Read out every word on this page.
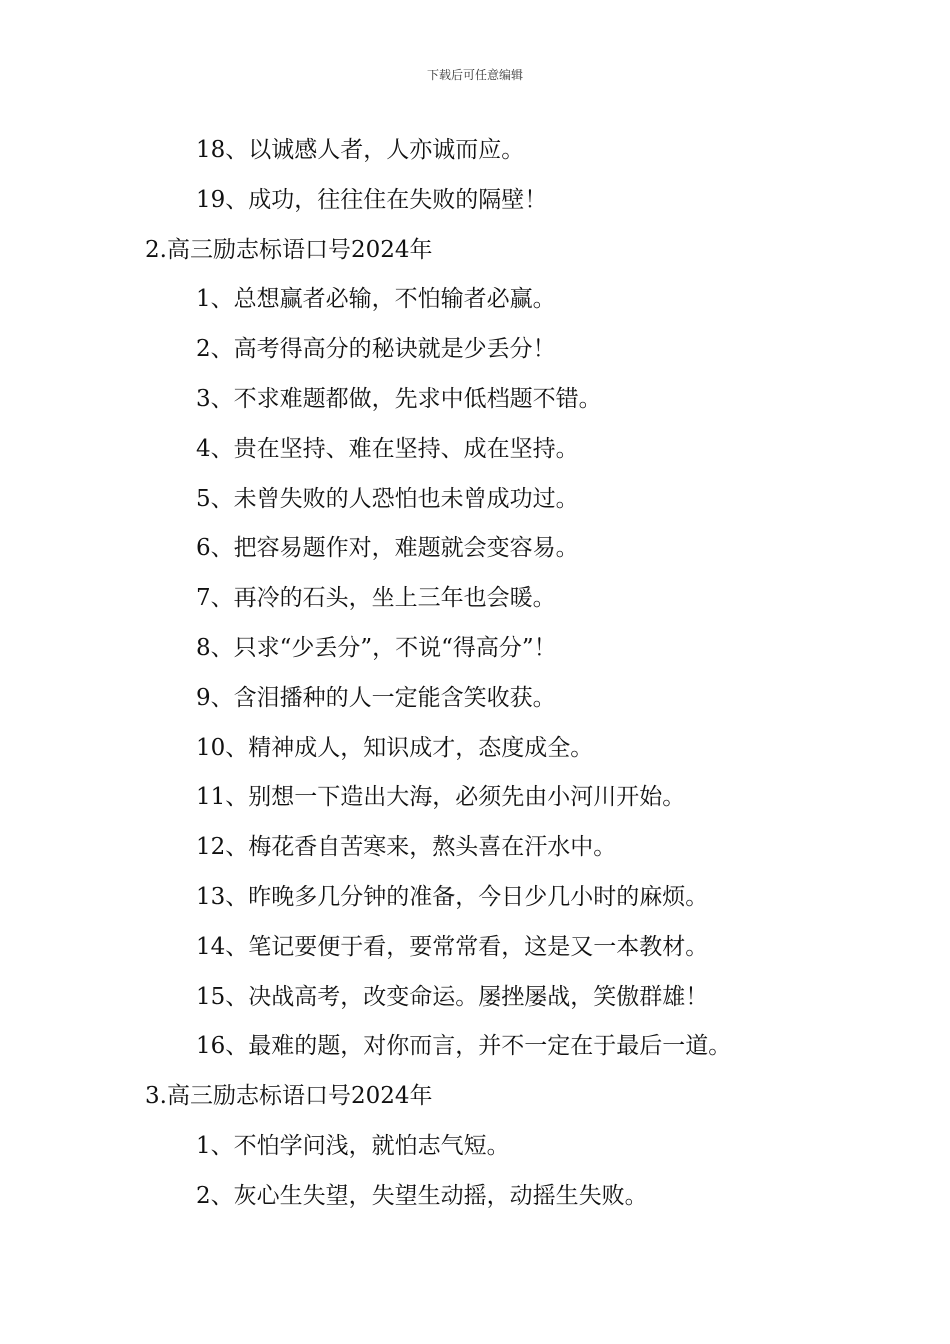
下载后可任意编辑
18、以诚感人者，人亦诚而应。
19、成功，往往住在失败的隔壁！
2.高三励志标语口号2024年
1、总想赢者必输，不怕输者必赢。
2、高考得高分的秘诀就是少丢分！
3、不求难题都做，先求中低档题不错。
4、贵在坚持、难在坚持、成在坚持。
5、未曾失败的人恐怕也未曾成功过。
6、把容易题作对，难题就会变容易。
7、再冷的石头，坐上三年也会暖。
8、只求“少丢分”，不说“得高分”！
9、含泪播种的人一定能含笑收获。
10、精神成人，知识成才，态度成全。
11、别想一下造出大海，必须先由小河川开始。
12、梅花香自苦寒来，熬头喜在汗水中。
13、昨晚多几分钟的准备，今日少几小时的麻烦。
14、笔记要便于看，要常常看，这是又一本教材。
15、决战高考，改变命运。屡挫屡战，笑傲群雄！
16、最难的题，对你而言，并不一定在于最后一道。
3.高三励志标语口号2024年
1、不怕学问浅，就怕志气短。
2、灰心生失望，失望生动摇，动摇生失败。
